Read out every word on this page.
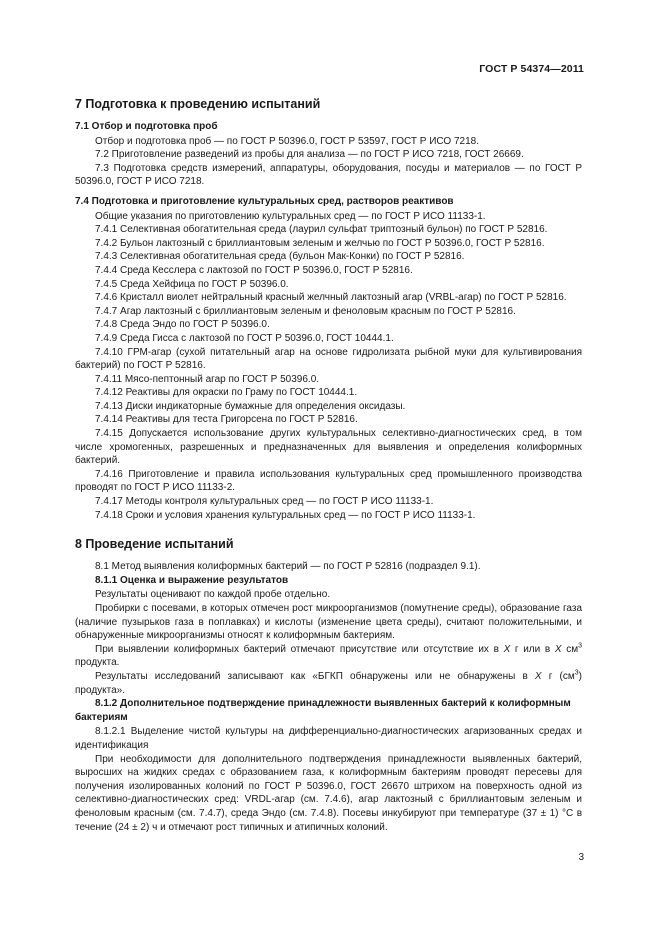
ГОСТ Р 54374—2011
7 Подготовка к проведению испытаний
7.1 Отбор и подготовка проб

Отбор и подготовка проб — по ГОСТ Р 50396.0, ГОСТ Р 53597, ГОСТ Р ИСО 7218.

7.2 Приготовление разведений из пробы для анализа — по ГОСТ Р ИСО 7218, ГОСТ 26669.

7.3 Подготовка средств измерений, аппаратуры, оборудования, посуды и материалов — по ГОСТ Р 50396.0, ГОСТ Р ИСО 7218.

7.4 Подготовка и приготовление культуральных сред, растворов реактивов

Общие указания по приготовлению культуральных сред — по ГОСТ Р ИСО 11133-1.

7.4.1 Селективная обогатительная среда (лаурил сульфат триптозный бульон) по ГОСТ Р 52816.

7.4.2 Бульон лактозный с бриллиантовым зеленым и желчью по ГОСТ Р 50396.0, ГОСТ Р 52816.

7.4.3 Селективная обогатительная среда (бульон Мак-Конки) по ГОСТ Р 52816.

7.4.4 Среда Кесслера с лактозой по ГОСТ Р 50396.0, ГОСТ Р 52816.

7.4.5 Среда Хейфица по ГОСТ Р 50396.0.

7.4.6 Кристалл виолет нейтральный красный желчный лактозный агар (VRBL-агар) по ГОСТ Р 52816.

7.4.7 Агар лактозный с бриллиантовым зеленым и феноловым красным по ГОСТ Р 52816.

7.4.8 Среда Эндо по ГОСТ Р 50396.0.

7.4.9 Среда Гисса с лактозой по ГОСТ Р 50396.0, ГОСТ 10444.1.

7.4.10 ГРМ-агар (сухой питательный агар на основе гидролизата рыбной муки для культивирования бактерий) по ГОСТ Р 52816.

7.4.11 Мясо-пептонный агар по ГОСТ Р 50396.0.

7.4.12 Реактивы для окраски по Граму по ГОСТ 10444.1.

7.4.13 Диски индикаторные бумажные для определения оксидазы.

7.4.14 Реактивы для теста Григорсена по ГОСТ Р 52816.

7.4.15 Допускается использование других культуральных селективно-диагностических сред, в том числе хромогенных, разрешенных и предназначенных для выявления и определения колиформных бактерий.

7.4.16 Приготовление и правила использования культуральных сред промышленного производства проводят по ГОСТ Р ИСО 11133-2.

7.4.17 Методы контроля культуральных сред — по ГОСТ Р ИСО 11133-1.

7.4.18 Сроки и условия хранения культуральных сред — по ГОСТ Р ИСО 11133-1.

8 Проведение испытаний

8.1 Метод выявления колиформных бактерий — по ГОСТ Р 52816 (подраздел 9.1).

8.1.1 Оценка и выражение результатов

Результаты оценивают по каждой пробе отдельно.

Пробирки с посевами, в которых отмечен рост микроорганизмов (помутнение среды), образование газа (наличие пузырьков газа в поплавках) и кислоты (изменение цвета среды), считают положительными, и обнаруженные микроорганизмы относят к колиформным бактериям.

При выявлении колиформных бактерий отмечают присутствие или отсутствие их в X г или в X $см^3$ продукта.

Результаты исследований записывают как «БГКП обнаружены или не обнаружены в X г $(см^3)$ продукта».

8.1.2 Дополнительное подтверждение принадлежности выявленных бактерий к колиформным бактериям

8.1.2.1 Выделение чистой культуры на дифференциально-диагностических агаризованных средах и идентификация

При необходимости для дополнительного подтверждения принадлежности выявленных бактерий, выросших на жидких средах с образованием газа, к колиформным бактериям проводят пересевы для получения изолированных колоний по ГОСТ Р 50396.0, ГОСТ 26670 штрихом на поверхность одной из селективно-диагностических сред: VRDL-агар (см. 7.4.6), агар лактозный с бриллиантовым зеленым и феноловым красным (см. 7.4.7), среда Эндо (см. 7.4.8). Посевы инкубируют при температуре (37 ± 1) °С в течение (24 ± 2) ч и отмечают рост типичных и атипичных колоний.

3
